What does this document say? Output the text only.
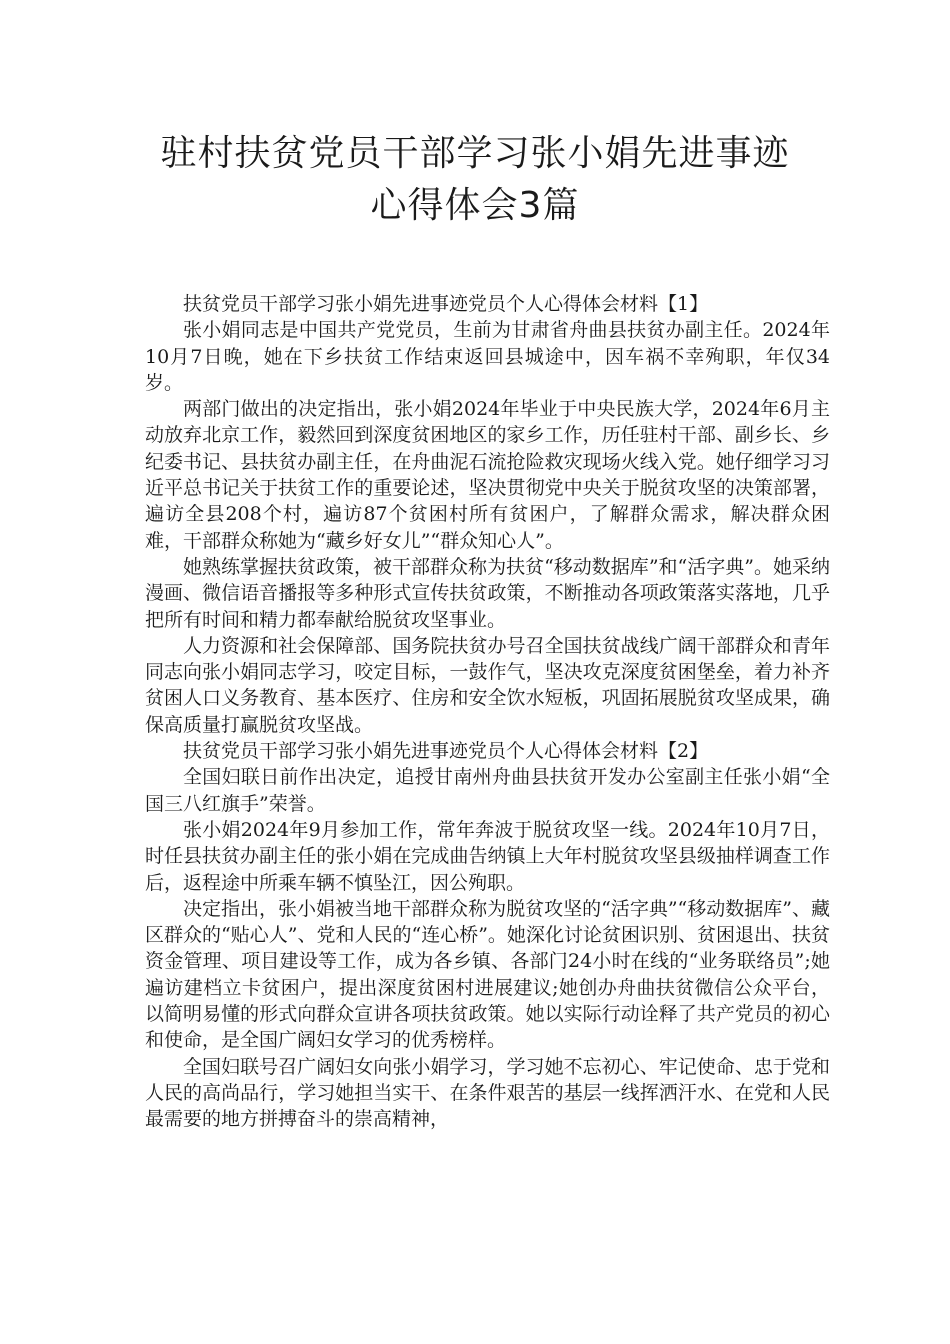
驻村扶贫党员干部学习张小娟先进事迹
心得体会3篇

扶贫党员干部学习张小娟先进事迹党员个人心得体会材料【1】

张小娟同志是中国共产党党员，生前为甘肃省舟曲县扶贫办副主任。2024年10月7日晚，她在下乡扶贫工作结束返回县城途中，因车祸不幸殉职，年仅34岁。

两部门做出的决定指出，张小娟2024年毕业于中央民族大学，2024年6月主动放弃北京工作，毅然回到深度贫困地区的家乡工作，历任驻村干部、副乡长、乡纪委书记、县扶贫办副主任，在舟曲泥石流抢险救灾现场火线入党。她仔细学习习近平总书记关于扶贫工作的重要论述，坚决贯彻党中央关于脱贫攻坚的决策部署，遍访全县208个村，遍访87个贫困村所有贫困户，了解群众需求，解决群众困难，干部群众称她为“藏乡好女儿”“群众知心人”。

她熟练掌握扶贫政策，被干部群众称为扶贫“移动数据库”和“活字典”。她采纳漫画、微信语音播报等多种形式宣传扶贫政策，不断推动各项政策落实落地，几乎把所有时间和精力都奉献给脱贫攻坚事业。

人力资源和社会保障部、国务院扶贫办号召全国扶贫战线广阔干部群众和青年同志向张小娟同志学习，咬定目标，一鼓作气，坚决攻克深度贫困堡垒，着力补齐贫困人口义务教育、基本医疗、住房和安全饮水短板，巩固拓展脱贫攻坚成果，确保高质量打赢脱贫攻坚战。

扶贫党员干部学习张小娟先进事迹党员个人心得体会材料【2】

全国妇联日前作出决定，追授甘南州舟曲县扶贫开发办公室副主任张小娟“全国三八红旗手”荣誉。

张小娟2024年9月参加工作，常年奔波于脱贫攻坚一线。2024年10月7日，时任县扶贫办副主任的张小娟在完成曲告纳镇上大年村脱贫攻坚县级抽样调查工作后，返程途中所乘车辆不慎坠江，因公殉职。

决定指出，张小娟被当地干部群众称为脱贫攻坚的“活字典”“移动数据库”、藏区群众的“贴心人”、党和人民的“连心桥”。她深化讨论贫困识别、贫困退出、扶贫资金管理、项目建设等工作，成为各乡镇、各部门24小时在线的“业务联络员”;她遍访建档立卡贫困户，提出深度贫困村进展建议;她创办舟曲扶贫微信公众平台，以简明易懂的形式向群众宣讲各项扶贫政策。她以实际行动诠释了共产党员的初心和使命，是全国广阔妇女学习的优秀榜样。

全国妇联号召广阔妇女向张小娟学习，学习她不忘初心、牢记使命、忠于党和人民的高尚品行，学习她担当实干、在条件艰苦的基层一线挥洒汗水、在党和人民最需要的地方拼搏奋斗的崇高精神，
